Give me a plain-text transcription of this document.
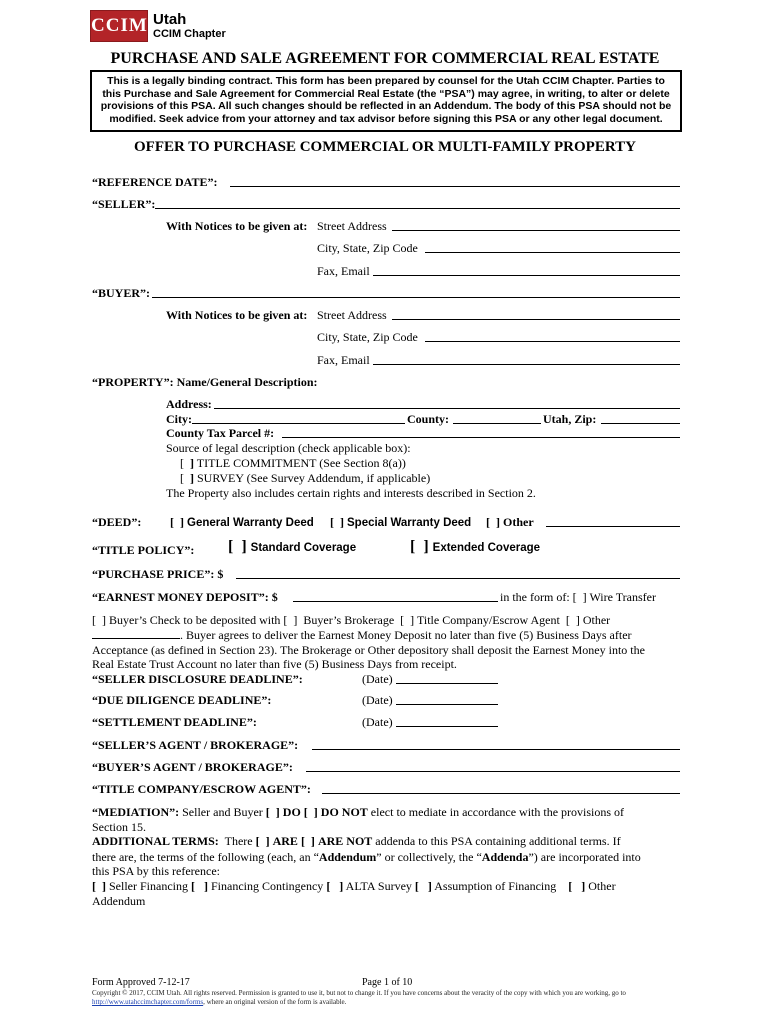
CCIM Utah
CCIM Chapter
PURCHASE AND SALE AGREEMENT FOR COMMERCIAL REAL ESTATE

This is a legally binding contract. This form has been prepared by counsel for the Utah CCIM Chapter. Parties to this Purchase and Sale Agreement for Commercial Real Estate (the “PSA”) may agree, in writing, to alter or delete provisions of this PSA. All such changes should be reflected in an Addendum. The body of this PSA should not be modified. Seek advice from your attorney and tax advisor before signing this PSA or any other legal document.

OFFER TO PURCHASE COMMERCIAL OR MULTI-FAMILY PROPERTY
“REFERENCE DATE”:
“SELLER”:
With Notices to be given at: Street Address
City, State, Zip Code
Fax, Email
“BUYER”:
With Notices to be given at: Street Address
City, State, Zip Code
Fax, Email
“PROPERTY”: Name/General Description:
Address:
City:	County:	Utah, Zip:
County Tax Parcel #:
Source of legal description (check applicable box):
[  ] TITLE COMMITMENT (See Section 8(a))
[  ] SURVEY (See Survey Addendum, if applicable)
The Property also includes certain rights and interests described in Section 2.
“DEED”: [  ] General Warranty Deed [  ] Special Warranty Deed [  ] Other
“TITLE POLICY”: [  ] Standard Coverage	[  ] Extended Coverage
“PURCHASE PRICE”: $
“EARNEST MONEY DEPOSIT”: $	in the form of: [  ] Wire Transfer
[  ] Buyer’s Check to be deposited with [  ]  Buyer’s Brokerage  [  ] Title Company/Escrow Agent  [  ] Other
. Buyer agrees to deliver the Earnest Money Deposit no later than five (5) Business Days after
Acceptance (as defined in Section 23). The Brokerage or Other depository shall deposit the Earnest Money into the
Real Estate Trust Account no later than five (5) Business Days from receipt.
“SELLER DISCLOSURE DEADLINE”:	(Date)
“DUE DILIGENCE DEADLINE”:	(Date)
“SETTLEMENT DEADLINE”:	(Date)
“SELLER’S AGENT / BROKERAGE”:
“BUYER’S AGENT / BROKERAGE”:
“TITLE COMPANY/ESCROW AGENT”:
“MEDIATION”: Seller and Buyer [  ] DO [  ] DO NOT elect to mediate in accordance with the provisions of
Section 15.
ADDITIONAL TERMS: There [  ] ARE [  ] ARE NOT addenda to this PSA containing additional terms. If
there are, the terms of the following (each, an “Addendum” or collectively, the “Addenda”) are incorporated into
this PSA by this reference:
[  ] Seller Financing [   ] Financing Contingency [   ] ALTA Survey [   ] Assumption of Financing [   ] Other
Addendum
Form Approved 7-12-17	Page 1 of 10
Copyright © 2017, CCIM Utah. All rights reserved. Permission is granted to use it, but not to change it. If you have concerns about the veracity of the copy with which you are working, go to http://www.utahccimchapter.com/forms, where an original version of the form is available.
